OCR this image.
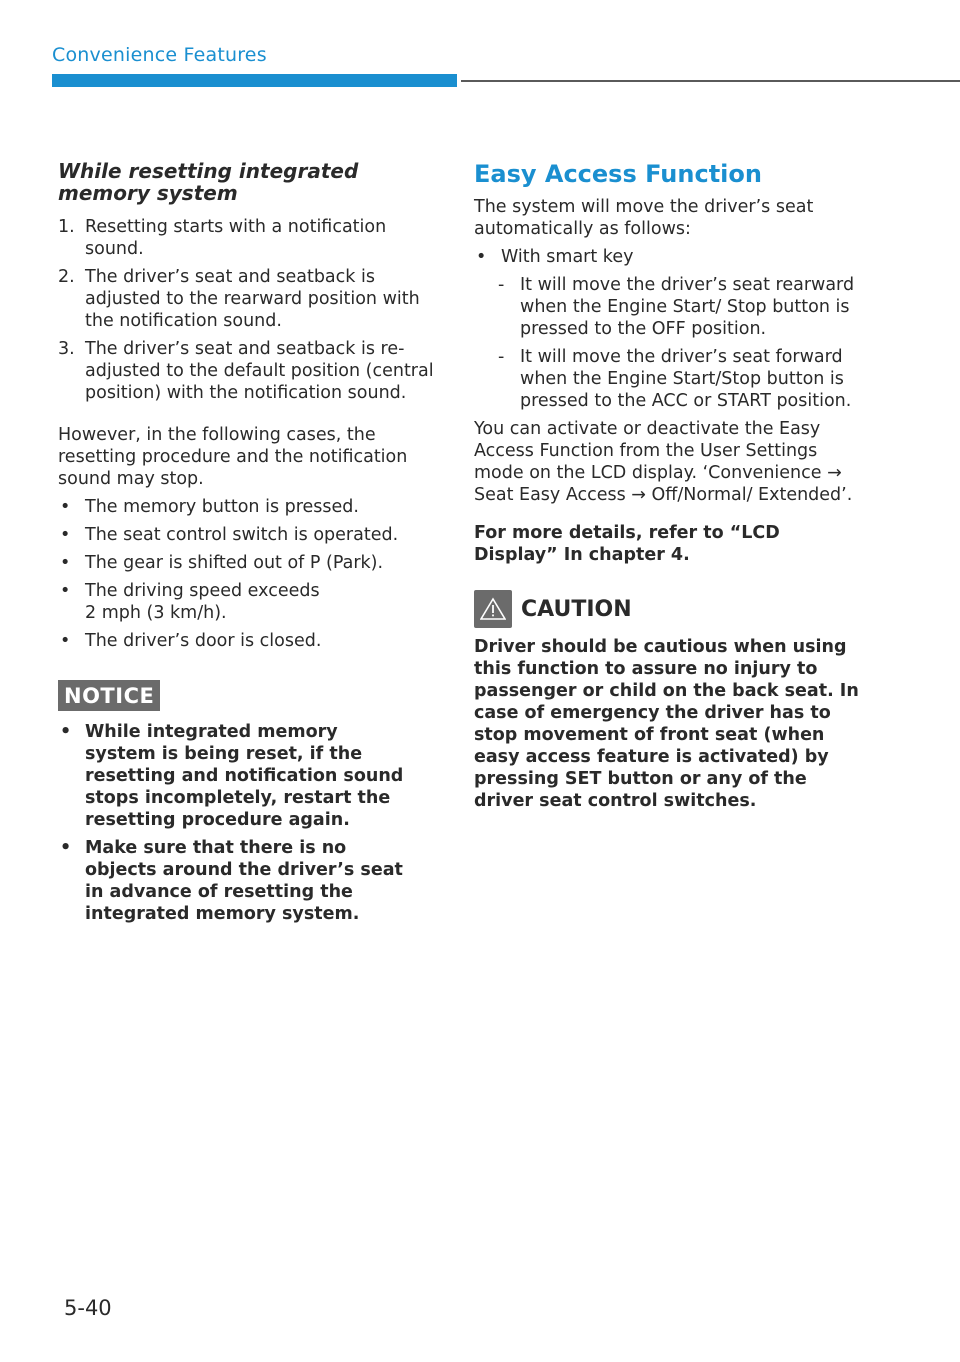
Convenience Features
While resetting integrated memory system
1. Resetting starts with a notification sound.
2. The driver’s seat and seatback is adjusted to the rearward position with the notification sound.
3. The driver’s seat and seatback is re-adjusted to the default position (central position) with the notification sound.

However, in the following cases, the resetting procedure and the notification sound may stop.

• The memory button is pressed.
• The seat control switch is operated.
• The gear is shifted out of P (Park).
• The driving speed exceeds 2 mph (3 km/h).
• The driver’s door is closed.
NOTICE
• While integrated memory system is being reset, if the resetting and notification sound stops incompletely, restart the resetting procedure again.
• Make sure that there is no objects around the driver’s seat in advance of resetting the integrated memory system.
Easy Access Function

The system will move the driver’s seat automatically as follows:

• With smart key
- It will move the driver’s seat rearward when the Engine Start/ Stop button is pressed to the OFF position.
- It will move the driver’s seat forward when the Engine Start/Stop button is pressed to the ACC or START position.

You can activate or deactivate the Easy Access Function from the User Settings mode on the LCD display. ‘Convenience → Seat Easy Access → Off/Normal/ Extended’.

For more details, refer to “LCD Display” In chapter 4.

CAUTION

Driver should be cautious when using this function to assure no injury to passenger or child on the back seat. In case of emergency the driver has to stop movement of front seat (when easy access feature is activated) by pressing SET button or any of the driver seat control switches.

5-40
